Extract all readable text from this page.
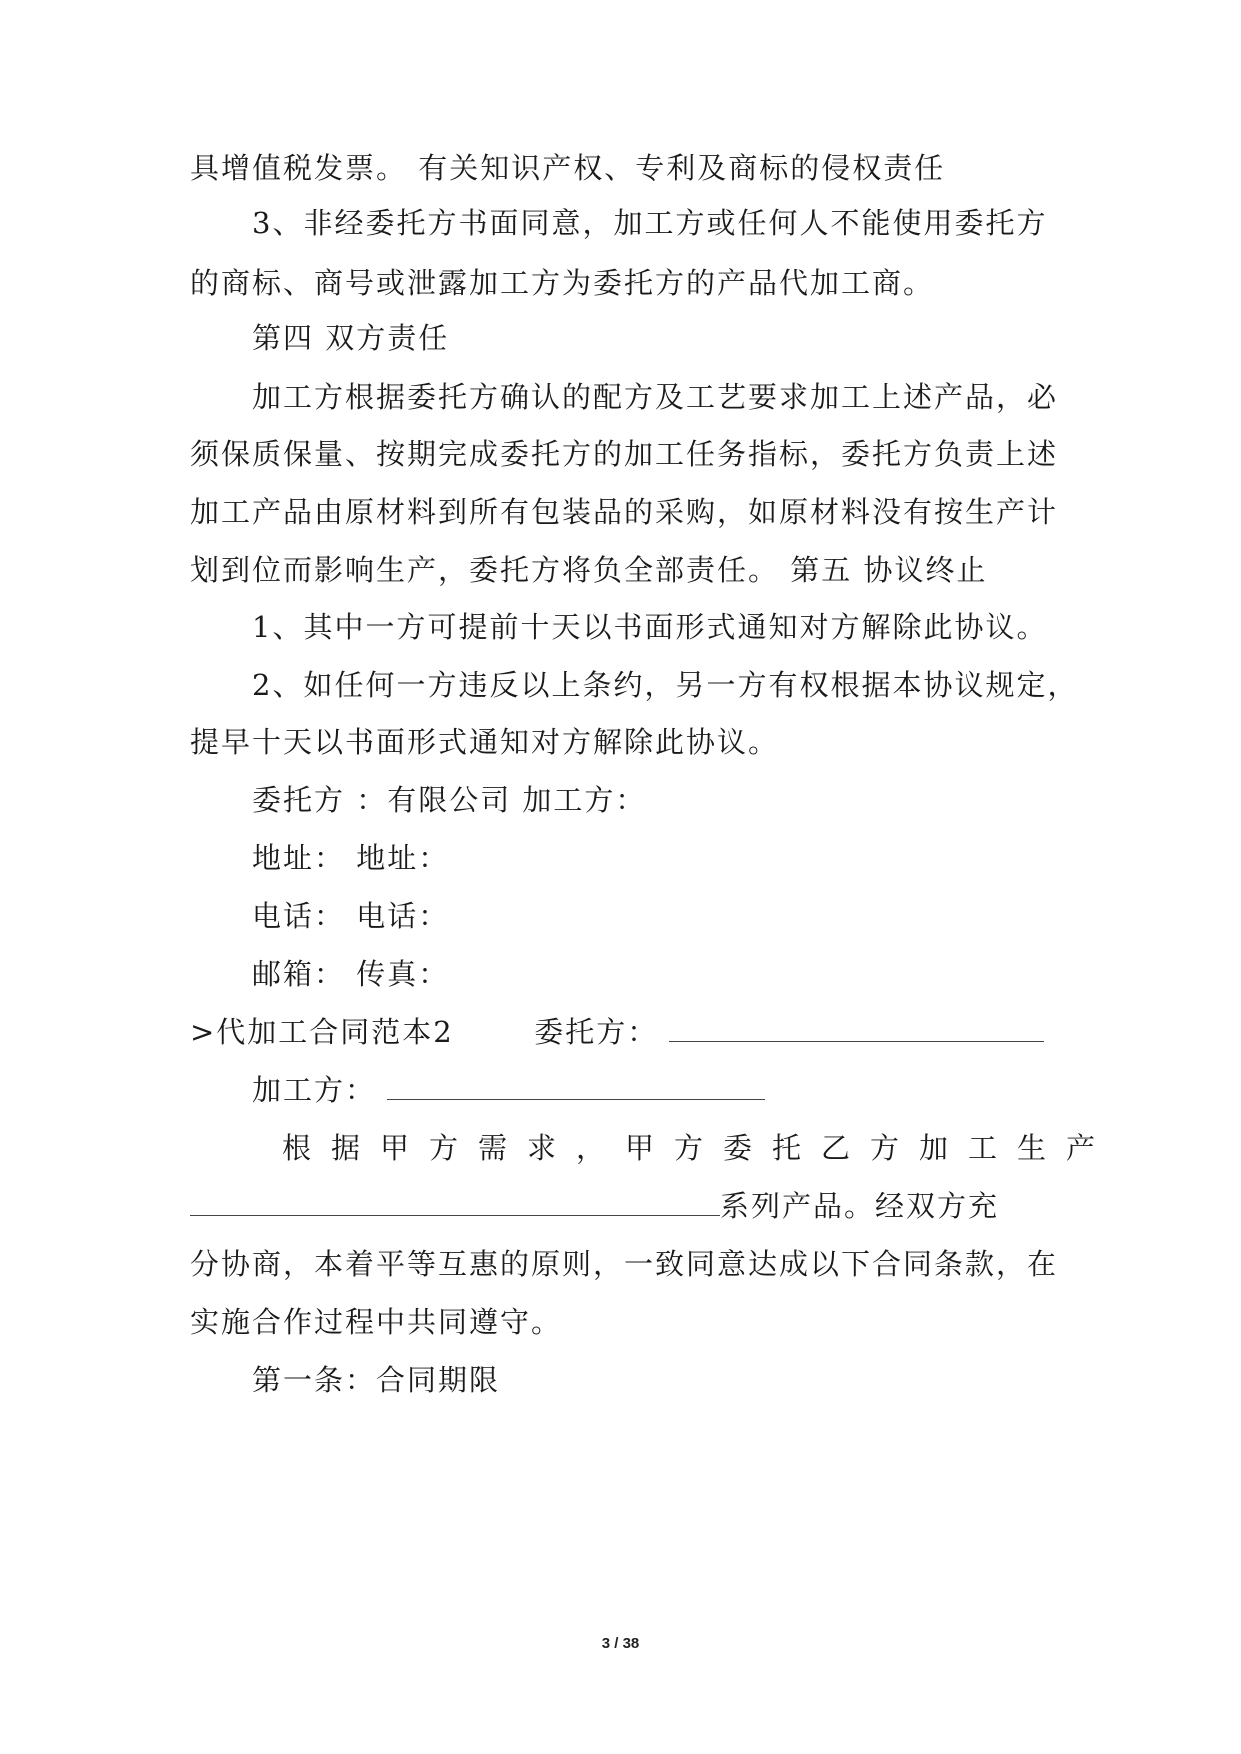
具增值税发票。 有关知识产权、专利及商标的侵权责任
3、非经委托方书面同意，加工方或任何人不能使用委托方
的商标、商号或泄露加工方为委托方的产品代加工商。
第四 双方责任
加工方根据委托方确认的配方及工艺要求加工上述产品，必
须保质保量、按期完成委托方的加工任务指标，委托方负责上述
加工产品由原材料到所有包装品的采购，如原材料没有按生产计
划到位而影响生产，委托方将负全部责任。 第五 协议终止
1、其中一方可提前十天以书面形式通知对方解除此协议。
2、如任何一方违反以上条约，另一方有权根据本协议规定，
提早十天以书面形式通知对方解除此协议。
委托方 ：有限公司 加工方：
地址： 地址：
电话： 电话：
邮箱： 传真：
>代加工合同范本2	委托方：
加工方：
根据甲方需求，甲方委托乙方加工生产
系列产品。经双方充
分协商，本着平等互惠的原则，一致同意达成以下合同条款，在
实施合作过程中共同遵守。
第一条：合同期限
3 / 38
